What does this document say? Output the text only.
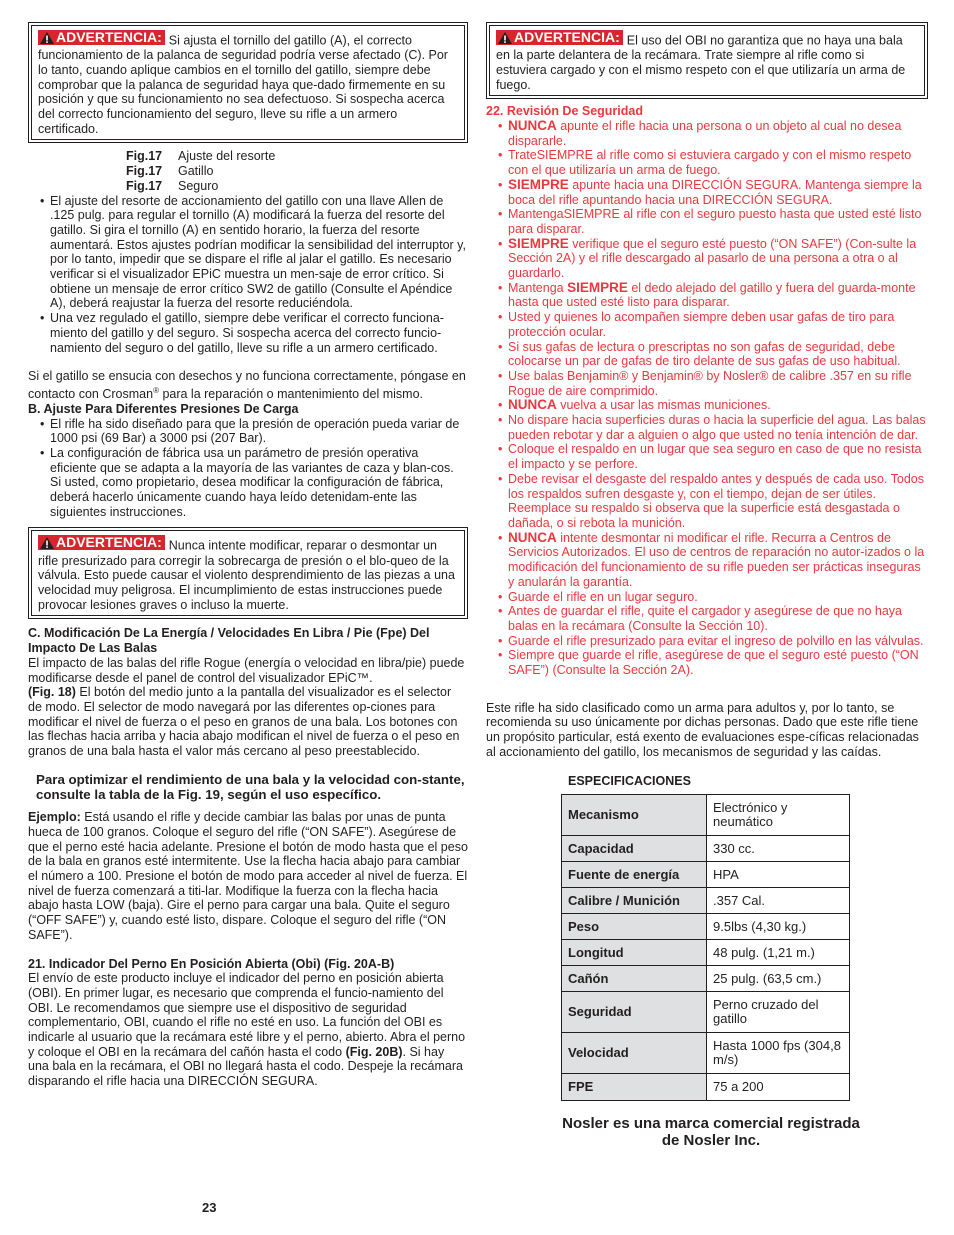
ADVERTENCIA: Si ajusta el tornillo del gatillo (A), el correcto funcionamiento de la palanca de seguridad podría verse afectado (C). Por lo tanto, cuando aplique cambios en el tornillo del gatillo, siempre debe comprobar que la palanca de seguridad haya que-dado firmemente en su posición y que su funcionamiento no sea defectuoso. Si sospecha acerca del correcto funcionamiento del seguro, lleve su rifle a un armero certificado.
Fig.17 Ajuste del resorte
Fig.17 Gatillo
Fig.17 Seguro
• El ajuste del resorte de accionamiento del gatillo con una llave Allen de .125 pulg. para regular el tornillo (A) modificará la fuerza del resorte del gatillo. Si gira el tornillo (A) en sentido horario, la fuerza del resorte aumentará. Estos ajustes podrían modificar la sensibilidad del interruptor y, por lo tanto, impedir que se dispare el rifle al jalar el gatillo. Es necesario verificar si el visualizador EPiC muestra un men-saje de error crítico. Si obtiene un mensaje de error crítico SW2 de gatillo (Consulte el Apéndice A), deberá reajustar la fuerza del resorte reduciéndola.
• Una vez regulado el gatillo, siempre debe verificar el correcto funciona-miento del gatillo y del seguro. Si sospecha acerca del correcto funcio-namiento del seguro o del gatillo, lleve su rifle a un armero certificado.

Si el gatillo se ensucia con desechos y no funciona correctamente, póngase en contacto con Crosman® para la reparación o mantenimiento del mismo.

B. Ajuste Para Diferentes Presiones De Carga

• El rifle ha sido diseñado para que la presión de operación pueda variar de 1000 psi (69 Bar) a 3000 psi (207 Bar).
• La configuración de fábrica usa un parámetro de presión operativa eficiente que se adapta a la mayoría de las variantes de caza y blan-cos. Si usted, como propietario, desea modificar la configuración de fábrica, deberá hacerlo únicamente cuando haya leído detenidam-ente las siguientes instrucciones.
ADVERTENCIA: Nunca intente modificar, reparar o desmontar un rifle presurizado para corregir la sobrecarga de presión o el blo-queo de la válvula. Esto puede causar el violento desprendimiento de las piezas a una velocidad muy peligrosa. El incumplimiento de estas instrucciones puede provocar lesiones graves o incluso la muerte.

C. Modificación De La Energía / Velocidades En Libra / Pie (Fpe) Del Impacto De Las Balas

El impacto de las balas del rifle Rogue (energía o velocidad en libra/pie) puede modificarse desde el panel de control del visualizador EPiC™.
(Fig. 18) El botón del medio junto a la pantalla del visualizador es el selector de modo. El selector de modo navegará por las diferentes op-ciones para modificar el nivel de fuerza o el peso en granos de una bala. Los botones con las flechas hacia arriba y hacia abajo modifican el nivel de fuerza o el peso en granos de una bala hasta el valor más cercano al peso preestablecido.

Para optimizar el rendimiento de una bala y la velocidad con-stante, consulte la tabla de la Fig. 19, según el uso específico.

Ejemplo: Está usando el rifle y decide cambiar las balas por unas de punta hueca de 100 granos. Coloque el seguro del rifle (“ON SAFE”). Asegúrese de que el perno esté hacia adelante. Presione el botón de modo hasta que el peso de la bala en granos esté intermitente. Use la flecha hacia abajo para cambiar el número a 100. Presione el botón de modo para acceder al nivel de fuerza. El nivel de fuerza comenzará a titi-lar. Modifique la fuerza con la flecha hacia abajo hasta LOW (baja). Gire el perno para cargar una bala. Quite el seguro (“OFF SAFE”) y, cuando esté listo, dispare. Coloque el seguro del rifle (“ON SAFE”).

21. Indicador Del Perno En Posición Abierta (Obi) (Fig. 20A-B)

El envío de este producto incluye el indicador del perno en posición abierta (OBI). En primer lugar, es necesario que comprenda el funcio-namiento del OBI. Le recomendamos que siempre use el dispositivo de seguridad complementario, OBI, cuando el rifle no esté en uso. La función del OBI es indicarle al usuario que la recámara esté libre y el perno, abierto. Abra el perno y coloque el OBI en la recámara del cañón hasta el codo (Fig. 20B). Si hay una bala en la recámara, el OBI no llegará hasta el codo. Despeje la recámara disparando el rifle hacia una DIRECCIÓN SEGURA.

23
ADVERTENCIA: El uso del OBI no garantiza que no haya una bala en la parte delantera de la recámara. Trate siempre al rifle como si estuviera cargado y con el mismo respeto con el que utilizaría un arma de fuego.

22. Revisión De Seguridad

• NUNCA apunte el rifle hacia una persona o un objeto al cual no desea dispararle.
• TrateSIEMPRE al rifle como si estuviera cargado y con el mismo respeto con el que utilizaría un arma de fuego.
• SIEMPRE apunte hacia una DIRECCIÓN SEGURA. Mantenga siempre la boca del rifle apuntando hacia una DIRECCIÓN SEGURA.
• MantengaSIEMPRE al rifle con el seguro puesto hasta que usted esté listo para disparar.
• SIEMPRE verifique que el seguro esté puesto (“ON SAFE”) (Con-sulte la Sección 2A) y el rifle descargado al pasarlo de una persona a otra o al guardarlo.
• Mantenga SIEMPRE el dedo alejado del gatillo y fuera del guarda-monte hasta que usted esté listo para disparar.
• Usted y quienes lo acompañen siempre deben usar gafas de tiro para protección ocular.
• Si sus gafas de lectura o prescriptas no son gafas de seguridad, debe colocarse un par de gafas de tiro delante de sus gafas de uso habitual.
• Use balas Benjamin® y Benjamin® by Nosler® de calibre .357 en su rifle Rogue de aire comprimido.
• NUNCA vuelva a usar las mismas municiones.
• No dispare hacia superficies duras o hacia la superficie del agua. Las balas pueden rebotar y dar a alguien o algo que usted no tenía intención de dar.
• Coloque el respaldo en un lugar que sea seguro en caso de que no resista el impacto y se perfore.
• Debe revisar el desgaste del respaldo antes y después de cada uso. Todos los respaldos sufren desgaste y, con el tiempo, dejan de ser útiles. Reemplace su respaldo si observa que la superficie está desgastada o dañada, o si rebota la munición.
• NUNCA intente desmontar ni modificar el rifle. Recurra a Centros de Servicios Autorizados. El uso de centros de reparación no autor-izados o la modificación del funcionamiento de su rifle pueden ser prácticas inseguras y anularán la garantía.
• Guarde el rifle en un lugar seguro.
• Antes de guardar el rifle, quite el cargador y asegúrese de que no haya balas en la recámara (Consulte la Sección 10).
• Guarde el rifle presurizado para evitar el ingreso de polvillo en las válvulas.
• Siempre que guarde el rifle, asegúrese de que el seguro esté puesto (“ON SAFE”) (Consulte la Sección 2A).

Este rifle ha sido clasificado como un arma para adultos y, por lo tanto, se recomienda su uso únicamente por dichas personas. Dado que este rifle tiene un propósito particular, está exento de evaluaciones espe-cíficas relacionadas al accionamiento del gatillo, los mecanismos de seguridad y las caídas.

ESPECIFICACIONES

Mecanismo	Electrónico y neumático
Capacidad	330 cc.
Fuente de energía	HPA
Calibre / Munición	.357 Cal.
Peso	9.5lbs (4,30 kg.)
Longitud	48 pulg. (1,21 m.)
Cañón	25 pulg. (63,5 cm.)
Seguridad	Perno cruzado del gatillo
Velocidad	Hasta 1000 fps (304,8 m/s)
FPE	75 a 200
Nosler es una marca comercial registrada
de Nosler Inc.
